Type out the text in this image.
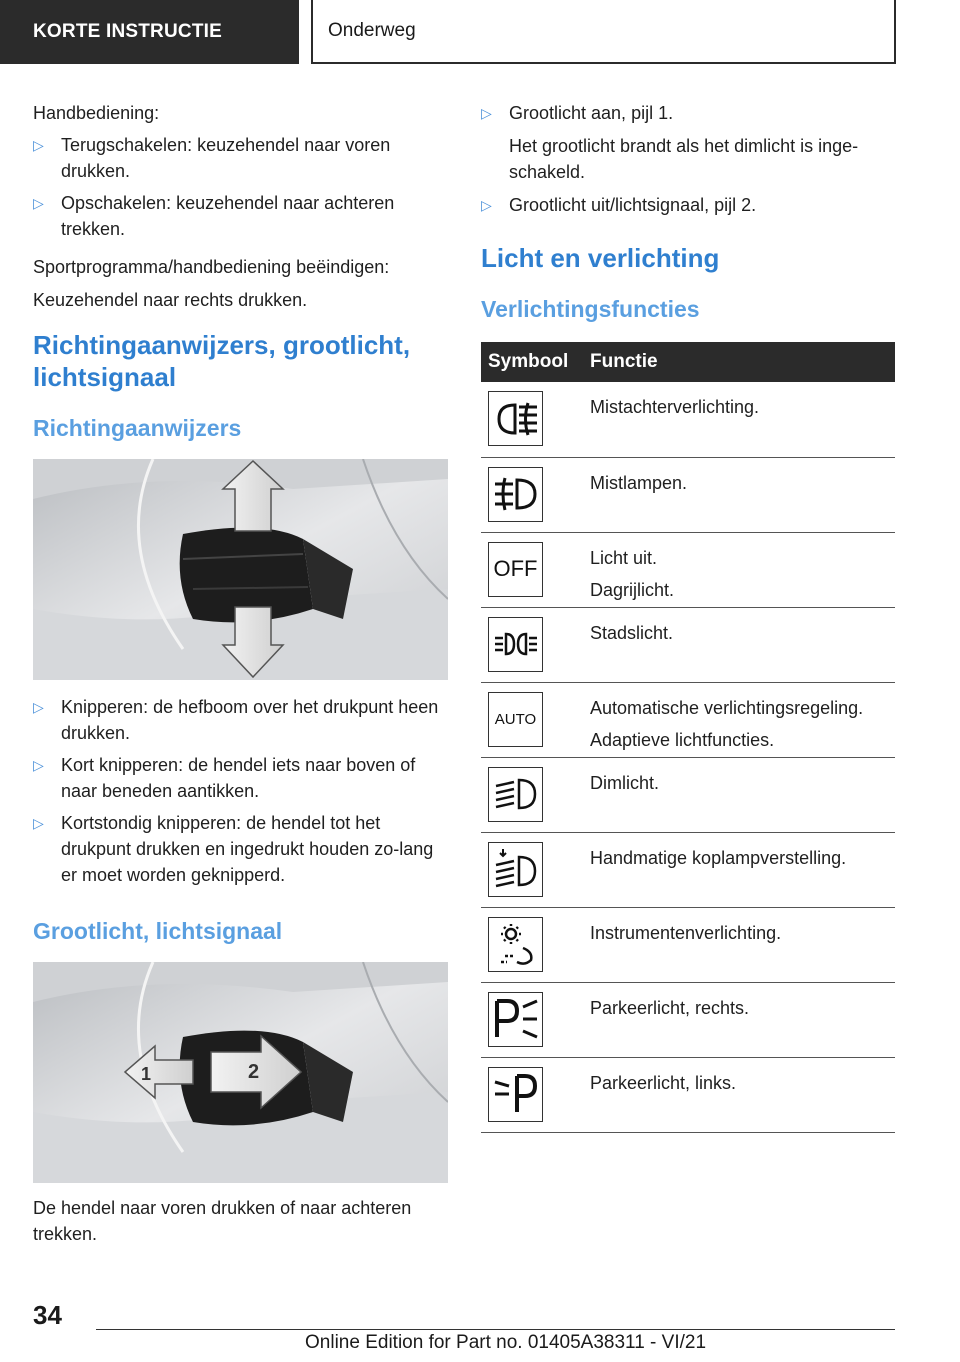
KORTE INSTRUCTIE	Onderweg

Handbediening:

▷ Terugschakelen: keuzehendel naar voren drukken.
▷ Opschakelen: keuzehendel naar achteren trekken.

Sportprogramma/handbediening beëindigen:

Keuzehendel naar rechts drukken.

Richtingaanwijzers, grootlicht, lichtsignaal
Richtingaanwijzers
▷ Knipperen: de hefboom over het drukpunt heen drukken.
▷ Kort knipperen: de hendel iets naar boven of naar beneden aantikken.
▷ Kortstondig knipperen: de hendel tot het drukpunt drukken en ingedrukt houden zo-lang er moet worden geknipperd.
Grootlicht, lichtsignaal
1	2

De hendel naar voren drukken of naar achteren trekken.

▷ Grootlicht aan, pijl 1.

Het grootlicht brandt als het dimlicht is inge-schakeld.

▷ Grootlicht uit/lichtsignaal, pijl 2.
Licht en verlichting
Verlichtingsfuncties
Symbool	Functie

Mistachterverlichting.

Mistlampen.

OFF	Licht uit.
Dagrijlicht.

Stadslicht.

AUTO	Automatische verlichtingsregeling.
Adaptieve lichtfuncties.

Dimlicht.

Handmatige koplampverstelling.

Instrumentenverlichting.

Parkeerlicht, rechts.

Parkeerlicht, links.
34
Online Edition for Part no. 01405A38311 - VI/21
